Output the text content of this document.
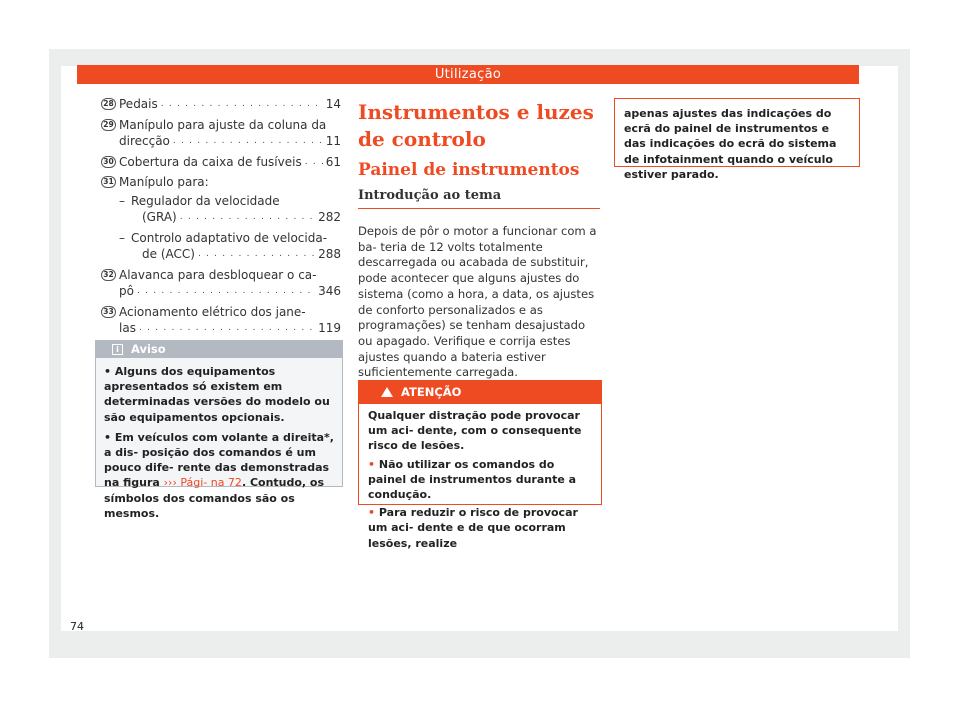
Utilização
28 Pedais . . .	14
29 Manípulo para ajuste da coluna da
direcção . . .	11
30 Cobertura da caixa de fusíveis . . . 61
31 Manípulo para:
– Regulador da velocidade
(GRA) . . .	282
– Controlo adaptativo de velocida-
de (ACC) . . .	288
32 Alavanca para desbloquear o ca-
pô . . .	346
33 Acionamento elétrico dos jane-
las . . .	119
i Aviso

• Alguns dos equipamentos apresentados só existem em determinadas versões do modelo ou são equipamentos opcionais.

• Em veículos com volante a direita*, a dis- posição dos comandos é um pouco dife- rente das demonstradas na figura ››› Pági- na 72. Contudo, os símbolos dos comandos são os mesmos.

Instrumentos e luzes de controlo
Painel de instrumentos
Introdução ao tema
Depois de pôr o motor a funcionar com a ba- teria de 12 volts totalmente descarregada ou acabada de substituir, pode acontecer que alguns ajustes do sistema (como a hora, a data, os ajustes de conforto personalizados e as programações) se tenham desajustado ou apagado. Verifique e corrija estes ajustes quando a bateria estiver suficientemente carregada.
ATENÇÃO

Qualquer distração pode provocar um aci- dente, com o consequente risco de lesões.

• Não utilizar os comandos do painel de instrumentos durante a condução.

• Para reduzir o risco de provocar um aci- dente e de que ocorram lesões, realize

apenas ajustes das indicações do ecrã do painel de instrumentos e das indicações do ecrã do sistema de infotainment quando o veículo estiver parado.
74
